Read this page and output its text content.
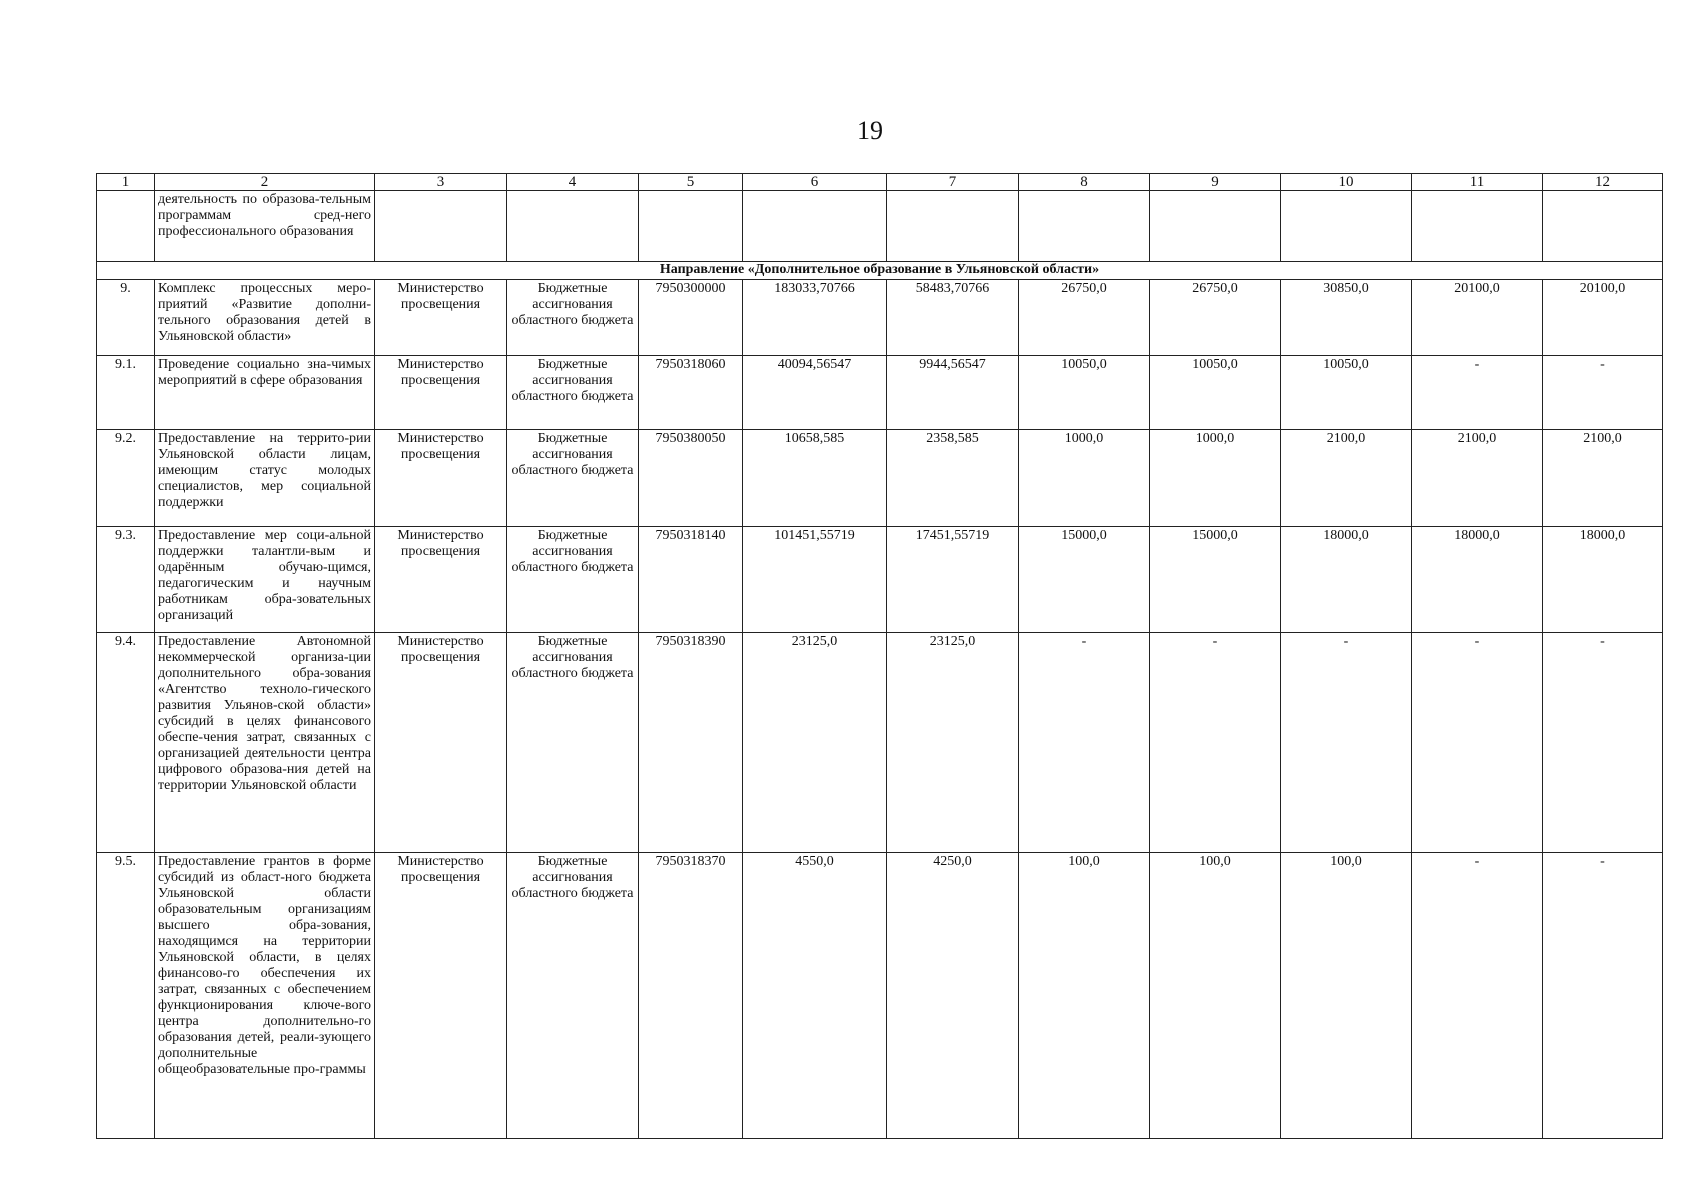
19
1	2	3	4	5	6	7	8	9	10	11	12
	деятельность по образова-тельным программам сред-него профессионального образования										
Направление «Дополнительное образование в Ульяновской области»											
9.	Комплекс процессных меро-приятий «Развитие дополни-тельного образования детей в Ульяновской области»	Министерство просвещения	Бюджетные ассигнования областного бюджета	7950300000	183033,70766	58483,70766	26750,0	26750,0	30850,0	20100,0	20100,0
9.1.	Проведение социально зна-чимых мероприятий в сфере образования	Министерство просвещения	Бюджетные ассигнования областного бюджета	7950318060	40094,56547	9944,56547	10050,0	10050,0	10050,0	-	-
9.2.	Предоставление на террито-рии Ульяновской области лицам, имеющим статус молодых специалистов, мер социальной поддержки	Министерство просвещения	Бюджетные ассигнования областного бюджета	7950380050	10658,585	2358,585	1000,0	1000,0	2100,0	2100,0	2100,0
9.3.	Предоставление мер соци-альной поддержки талантли-вым и одарённым обучаю-щимся, педагогическим и научным работникам обра-зовательных организаций	Министерство просвещения	Бюджетные ассигнования областного бюджета	7950318140	101451,55719	17451,55719	15000,0	15000,0	18000,0	18000,0	18000,0
9.4.	Предоставление Автономной некоммерческой организа-ции дополнительного обра-зования «Агентство техноло-гического развития Ульянов-ской области» субсидий в целях финансового обеспе-чения затрат, связанных с организацией деятельности центра цифрового образова-ния детей на территории Ульяновской области	Министерство просвещения	Бюджетные ассигнования областного бюджета	7950318390	23125,0	23125,0	-	-	-	-	-
9.5.	Предоставление грантов в форме субсидий из област-ного бюджета Ульяновской области образовательным организациям высшего обра-зования, находящимся на территории Ульяновской области, в целях финансово-го обеспечения их затрат, связанных с обеспечением функционирования ключе-вого центра дополнительно-го образования детей, реали-зующего дополнительные общеобразовательные про-граммы	Министерство просвещения	Бюджетные ассигнования областного бюджета	7950318370	4550,0	4250,0	100,0	100,0	100,0	-	-
